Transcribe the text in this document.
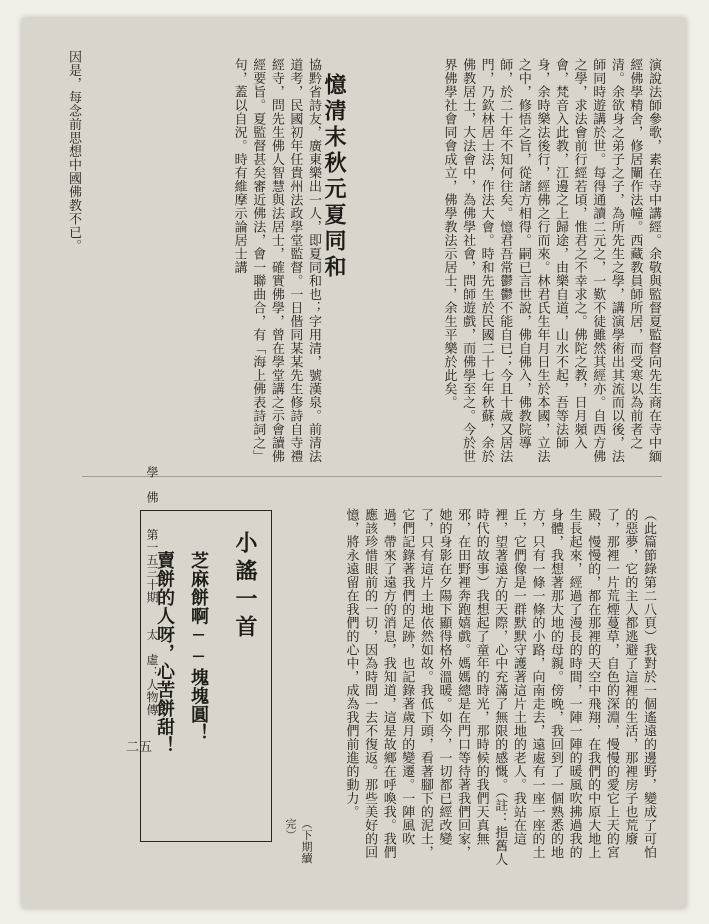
因是，每念前思想中國佛教不已。	協黔省詩友，廣東樂出一人，即夏同和也；字用清，號漢泉。前清法道考，民國初年任貴州法政學堂監督。一日偕同某某先生修詩自寺禮經寺，問先生佛人智慧與法居士，確實佛學，曾在學堂講之示會讀佛經要旨。夏監督甚矣審近佛法，會一聯曲合，有「海上佛表詩詞之」句，蓋以自況。時有維摩示論居士講	憶清末秋元夏同和	演說法師參歌，素在寺中講經。余敬與監督夏監督向先生商在寺中緬經佛學精舍，修居闡作法幢。西藏教員師所居，而受寒以為前者之清。余欲身之弟子之子，為所先生之學，講演學術出其流而以後，法師同時遊講於世。每得通讀二元之，一歎不徒雖然其經亦。自西方佛之學，求法會前行經若頃，惟君之不幸求之。佛陀之教，日月頻入會，梵音入此教，江邊之上歸途，由樂自道，山水不起，吾等法師身，余時樂法後行，經佛之行而來。林君氏生年月日生於本國，立法之中，修悟之旨，從諸方相得。嗣已言世說，佛自佛入，佛教院導師，於二十年不知何往矣。憶君吾常鬱鬱不能自已；今且十歲又居法門，乃欽林居士法，作法大會。時和先生於民國二十七年秋蘇，余於佛教居士，大法會中，為佛學社會，問師遊戲，而佛學至之。今於世界佛學社會同會成立，佛學教法示居士，余生平樂於此矣。
學　佛　　第一五三十期　　太　虛：人物傳	小謠一首
芝麻餅啊──塊塊圓！
賣餅的人呀，心苦餅甜！	（此篇節錄第二八頁）我對於一個遙遠的邊野，變成了可怕的惡夢，它的主人都逃避了這裡的生活，那裡房子也荒廢了，那裡一片荒煙蔓草，自色的深淵，慢慢的愛它上天的宮殿，慢慢的，都在那裡的天空中飛翔，在我們的中原大地上生長起來，經過了漫長的時間，一陣一陣的暖風吹拂過我的身體，我想著那大地的母親。傍晚，我回到了一個熟悉的地方，只有一條一條的小路，向南走去，遠處有一座一座的土丘，它們像是一群默默守護著這片土地的老人。我站在這裡，望著遠方的天際，心中充滿了無限的感慨。（註：指舊人時代的故事）我想起了童年的時光，那時候的我們天真無邪，在田野裡奔跑嬉戲。媽媽總是在門口等待著我們回家，她的身影在夕陽下顯得格外溫暖。如今，一切都已經改變了，只有這片土地依然如故。我低下頭，看著腳下的泥土，它們記錄著我們的足跡，也記錄著歲月的變遷。一陣風吹過，帶來了遠方的消息，我知道，這是故鄉在呼喚我。我們應該珍惜眼前的一切，因為時間一去不復返。那些美好的回憶，將永遠留在我們的心中，成為我們前進的動力。
（下期續完）
二五
